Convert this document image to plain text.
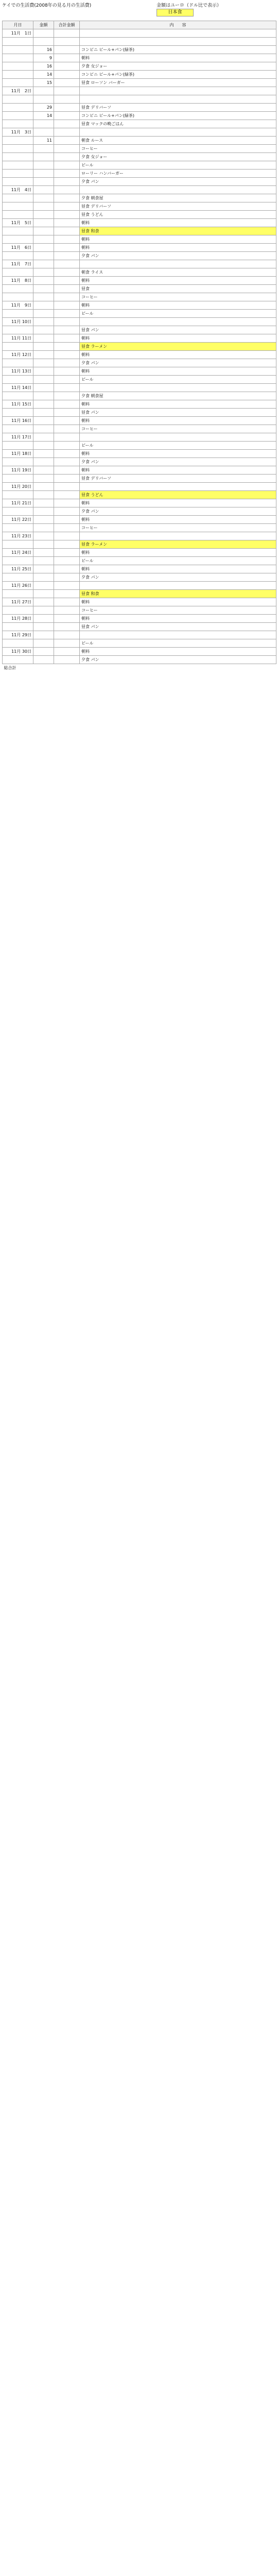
ケイでの生活費(2008年の見る月の生活費)	金額はユーロ（ドル比で表示）
日本食
月日	金額	合計金額	内　　容
11月　1日			

	16		コンビニ ビール+パン(緑茶)
	9		朝料
	16		夕食 女ジョー
	14		コンビニ ビール+パン(緑茶)
	15		昼食 ローソン バーガー
11月　2日			

	29		昼食 デリバーソ
	14		コンビニ ビール+パン(緑茶)
			昼食 マックの晩ごはん
11月　3日			
	11		朝食 ルース
			コーヒー
			夕食 女ジョー
			ビール
			ローリー ハンバーガー
			夕食 パン
11月　4日			
			夕食 朝食屋
			昼食 デリバーソ
			昼食 うどん
11月　5日			朝料
			昼食 和食
			朝料
11月　6日			朝料
			夕食 パン
11月　7日			
			朝食 ライス
11月　8日			朝料
			昼食
			コーヒー
11月　9日			朝料
			ビール
11月 10日			
			昼食 パン
11月 11日			朝料
			昼食 ラーメン
11月 12日			朝料
			夕食 パン
11月 13日			朝料
			ビール
11月 14日			
			夕食 朝食屋
11月 15日			朝料
			昼食 パン
11月 16日			朝料
			コーヒー
11月 17日			
			ビール
11月 18日			朝料
			夕食 パン
11月 19日			朝料
			昼食 デリバーソ
11月 20日			
			昼食 うどん
11月 21日			朝料
			夕食 パン
11月 22日			朝料
			コーヒー
11月 23日			
			昼食 ラーメン
11月 24日			朝料
			ビール
11月 25日			朝料
			夕食 パン
11月 26日			
			昼食 和食
11月 27日			朝料
			コーヒー
11月 28日			朝料
			昼食 パン
11月 29日			
			ビール
11月 30日			朝料
			夕食 パン
総合計			
